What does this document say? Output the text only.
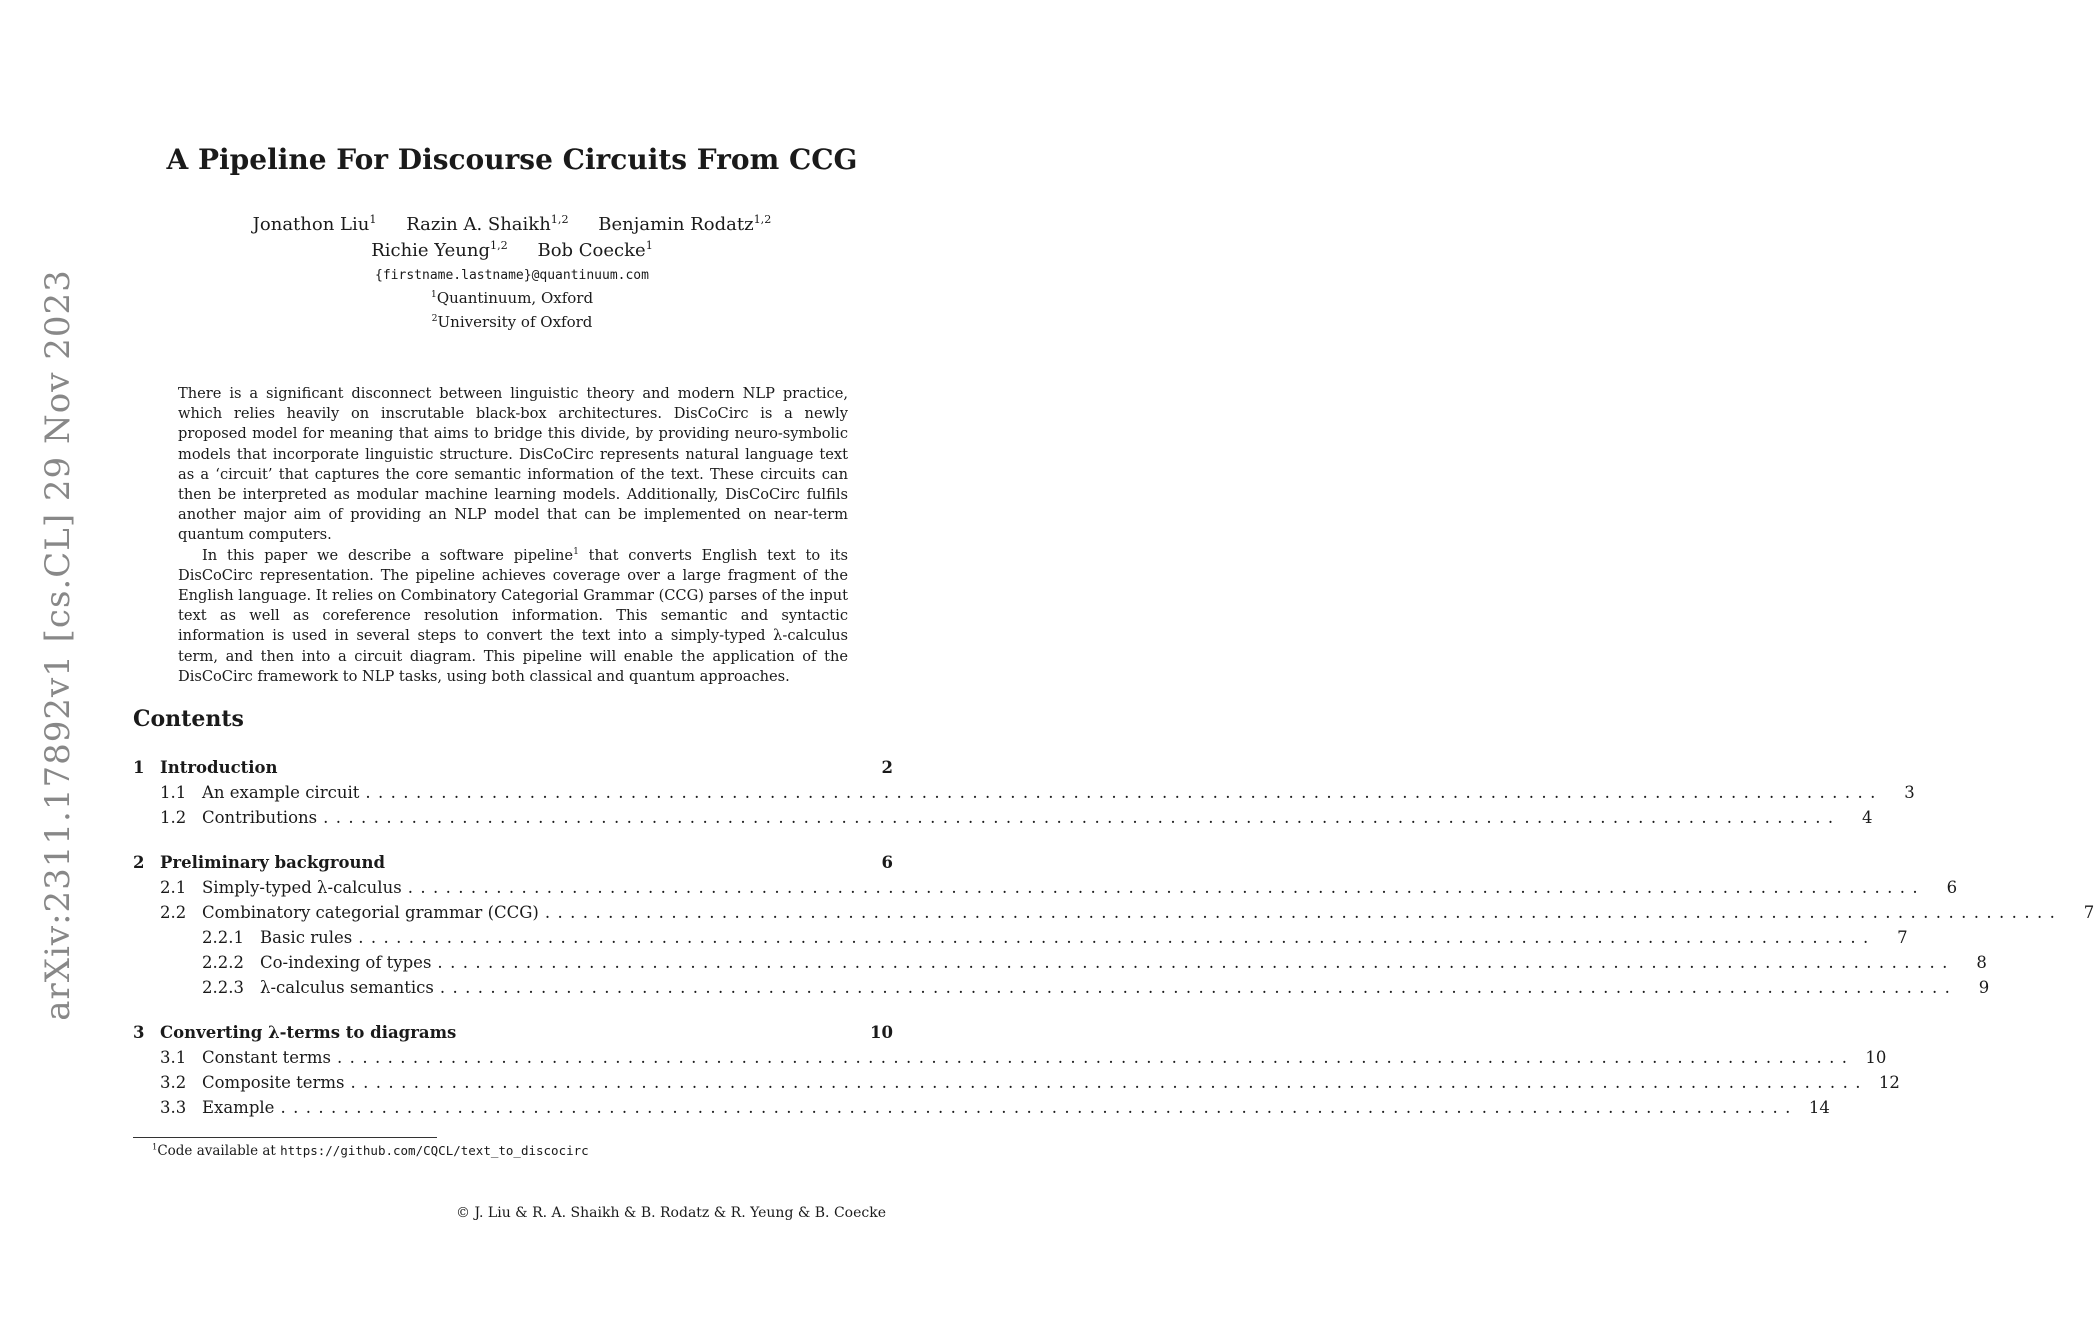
arXiv:2311.17892v1 [cs.CL] 29 Nov 2023
A Pipeline For Discourse Circuits From CCG
Jonathon Liu$^1$ Razin A. Shaikh$^{1,2}$ Benjamin Rodatz$^{1,2}$
Richie Yeung$^{1,2}$ Bob Coecke$^1$
{firstname.lastname}@quantinuum.com
$^1$Quantinuum, Oxford
$^2$University of Oxford

There is a significant disconnect between linguistic theory and modern NLP practice, which relies heavily on inscrutable black-box architectures. DisCoCirc is a newly proposed model for meaning that aims to bridge this divide, by providing neuro-symbolic models that incorporate linguistic structure. DisCoCirc represents natural language text as a ‘circuit’ that captures the core semantic information of the text. These circuits can then be interpreted as modular machine learning models. Additionally, DisCoCirc fulfils another major aim of providing an NLP model that can be implemented on near-term quantum computers.

In this paper we describe a software pipeline$^1$ that converts English text to its DisCoCirc representation. The pipeline achieves coverage over a large fragment of the English language. It relies on Combinatory Categorial Grammar (CCG) parses of the input text as well as coreference resolution information. This semantic and syntactic information is used in several steps to convert the text into a simply-typed λ-calculus term, and then into a circuit diagram. This pipeline will enable the application of the DisCoCirc framework to NLP tasks, using both classical and quantum approaches.

Contents
1 Introduction	2
1.1 An example circuit ........................................................................................................................	3
1.2 Contributions ........................................................................................................................	4
2 Preliminary background	6
2.1 Simply-typed λ-calculus ........................................................................................................................	6
2.2 Combinatory categorial grammar (CCG) ........................................................................................................................	7
2.2.1 Basic rules ........................................................................................................................	7
2.2.2 Co-indexing of types ........................................................................................................................	8
2.2.3 λ-calculus semantics ........................................................................................................................	9
3 Converting λ-terms to diagrams	10
3.1 Constant terms ........................................................................................................................ 10
3.2 Composite terms ........................................................................................................................ 12
3.3 Example ........................................................................................................................ 14
$^1$Code available at https://github.com/CQCL/text_to_discocirc
© J. Liu & R. A. Shaikh & B. Rodatz & R. Yeung & B. Coecke
